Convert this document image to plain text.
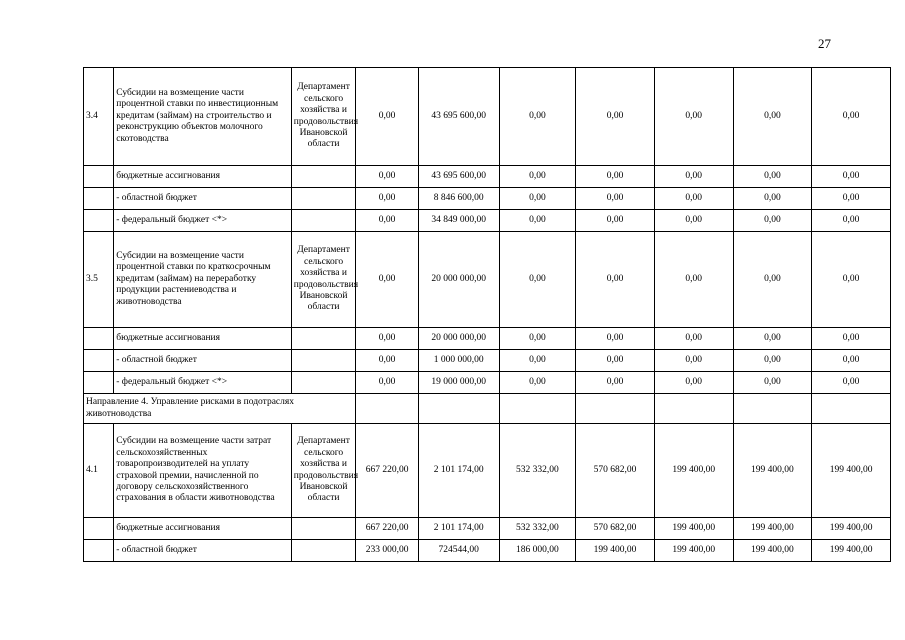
27
3.4	Субсидии на возмещение части процентной ставки по инвестиционным кредитам (займам) на строительство и реконструкцию объектов молочного скотоводства	Департамент сельского хозяйства и продовольствия Ивановской области	0,00	43 695 600,00	0,00	0,00	0,00	0,00	0,00
	бюджетные ассигнования		0,00	43 695 600,00	0,00	0,00	0,00	0,00	0,00
	- областной бюджет		0,00	8 846 600,00	0,00	0,00	0,00	0,00	0,00
	- федеральный бюджет <*>		0,00	34 849 000,00	0,00	0,00	0,00	0,00	0,00
3.5	Субсидии на возмещение части процентной ставки по краткосрочным кредитам (займам) на переработку продукции растениеводства и животноводства	Департамент сельского хозяйства и продовольствия Ивановской области	0,00	20 000 000,00	0,00	0,00	0,00	0,00	0,00
	бюджетные ассигнования		0,00	20 000 000,00	0,00	0,00	0,00	0,00	0,00
	- областной бюджет		0,00	1 000 000,00	0,00	0,00	0,00	0,00	0,00
	- федеральный бюджет <*>		0,00	19 000 000,00	0,00	0,00	0,00	0,00	0,00
Направление 4. Управление рисками в подотраслях животноводства									
4.1	Субсидии на возмещение части затрат сельскохозяйственных товаропроизводителей на уплату страховой премии, начисленной по договору сельскохозяйственного страхования в области животноводства	Департамент сельского хозяйства и продовольствия Ивановской области	667 220,00	2 101 174,00	532 332,00	570 682,00	199 400,00	199 400,00	199 400,00
	бюджетные ассигнования		667 220,00	2 101 174,00	532 332,00	570 682,00	199 400,00	199 400,00	199 400,00
	- областной бюджет		233 000,00	724544,00	186 000,00	199 400,00	199 400,00	199 400,00	199 400,00
